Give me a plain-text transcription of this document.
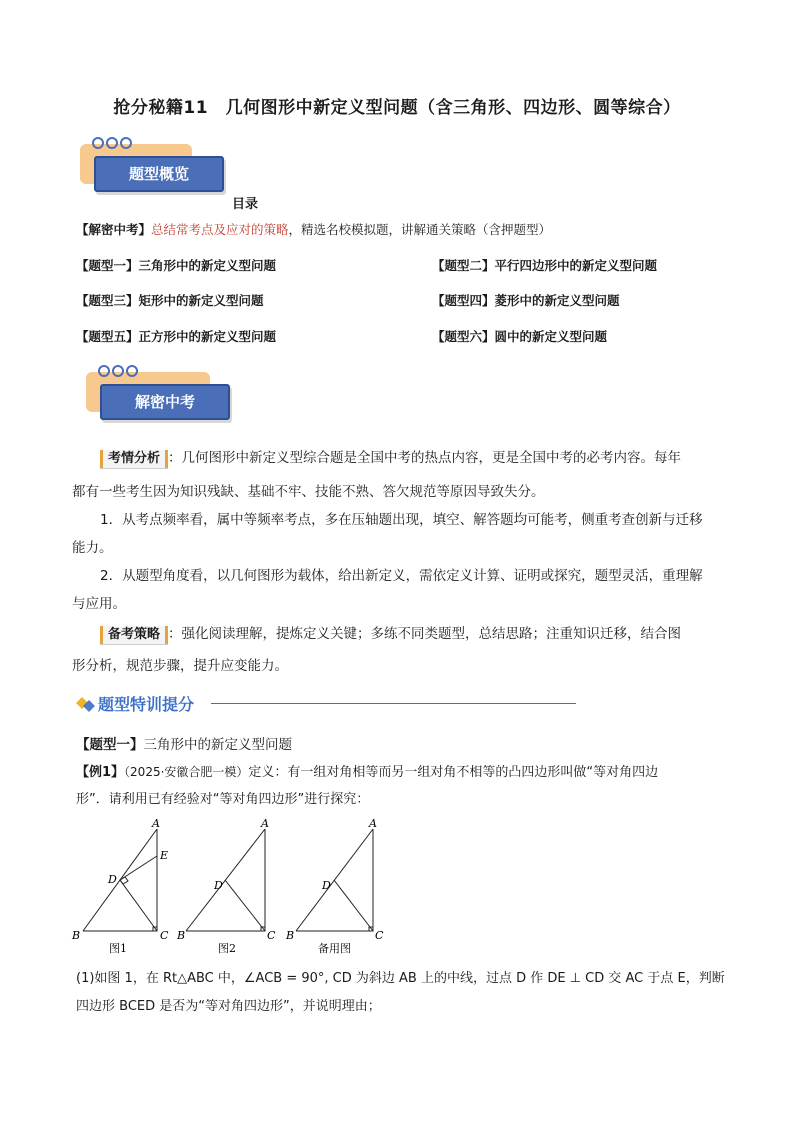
抢分秘籍11　几何图形中新定义型问题（含三角形、四边形、圆等综合）
题型概览
目录
【解密中考】总结常考点及应对的策略，精选名校模拟题，讲解通关策略（含押题型）
【题型一】三角形中的新定义型问题	【题型二】平行四边形中的新定义型问题
【题型三】矩形中的新定义型问题	【题型四】菱形中的新定义型问题
【题型五】正方形中的新定义型问题	【题型六】圆中的新定义型问题
解密中考
考情分析 ：几何图形中新定义型综合题是全国中考的热点内容，更是全国中考的必考内容。每年
都有一些考生因为知识残缺、基础不牢、技能不熟、答欠规范等原因导致失分。
1．从考点频率看，属中等频率考点，多在压轴题出现，填空、解答题均可能考，侧重考查创新与迁移
能力。
2．从题型角度看，以几何图形为载体，给出新定义，需依定义计算、证明或探究，题型灵活，重理解
与应用。
备考策略 ：强化阅读理解，提炼定义关键；多练不同类题型，总结思路；注重知识迁移，结合图
形分析，规范步骤，提升应变能力。
题型特训提分
【题型一】三角形中的新定义型问题
【例1】（2025·安徽合肥一模）定义：有一组对角相等而另一组对角不相等的凸四边形叫做“等对角四边
形”．请利用已有经验对“等对角四边形”进行探究：
A
E
D
B	C
图1
A
D
B	C
图2
A
D
B	C
备用图
(1)如图 1，在 Rt△ABC 中，∠ACB = 90°, CD 为斜边 AB 上的中线，过点 D 作 DE ⊥ CD 交 AC 于点 E，判断
四边形 BCED 是否为“等对角四边形”，并说明理由；
